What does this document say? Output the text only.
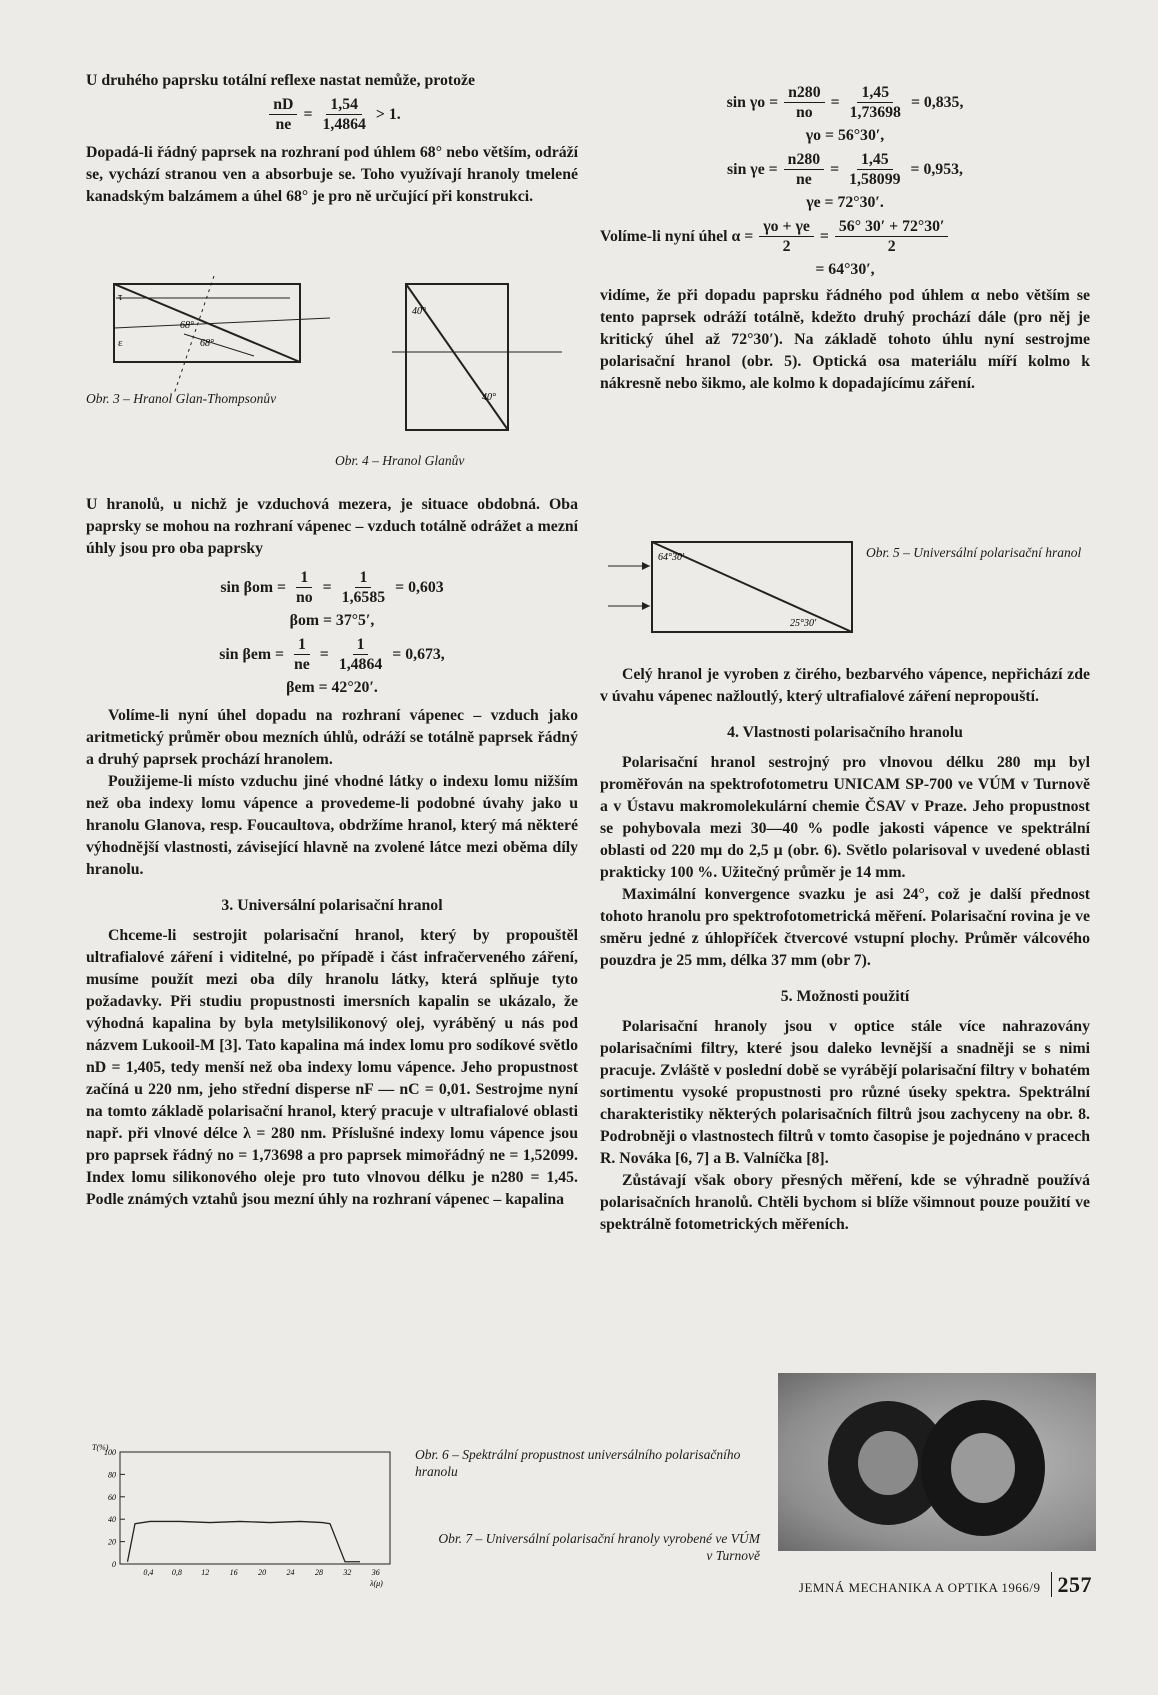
U druhého paprsku totální reflexe nastat nemůže, protože

$\frac{nD}{ne} = \frac{1,54}{1,4864} > 1$.

Dopadá-li řádný paprsek na rozhraní pod úhlem 68° nebo větším, odráží se, vychází stranou ven a absorbuje se. Toho využívají hranoly tmelené kanadským balzámem a úhel 68° je pro ně určující při konstrukci.

τ
ε
68°
68°
Obr. 3 – Hranol Glan-Thompsonův
40°
40°
Obr. 4 – Hranol Glanův

U hranolů, u nichž je vzduchová mezera, je situace obdobná. Oba paprsky se mohou na rozhraní vápenec – vzduch totálně odrážet a mezní úhly jsou pro oba paprsky

$\sin \beta om = \frac{1}{no} = \frac{1}{1,6585} = 0,603$
βom = 37°5′,
$\sin \beta em = \frac{1}{ne} = \frac{1}{1,4864} = 0,673$,
βem = 42°20′.

Volíme-li nyní úhel dopadu na rozhraní vápenec – vzduch jako aritmetický průměr obou mezních úhlů, odráží se totálně paprsek řádný a druhý paprsek prochází hranolem.

Použijeme-li místo vzduchu jiné vhodné látky o indexu lomu nižším než oba indexy lomu vápence a provedeme-li podobné úvahy jako u hranolu Glanova, resp. Foucaultova, obdržíme hranol, který má některé výhodnější vlastnosti, závisející hlavně na zvolené látce mezi oběma díly hranolu.

3. Universální polarisační hranol

Chceme-li sestrojit polarisační hranol, který by propouštěl ultrafialové záření i viditelné, po případě i část infračerveného záření, musíme použít mezi oba díly hranolu látky, která splňuje tyto požadavky. Při studiu propustnosti imersních kapalin se ukázalo, že výhodná kapalina by byla metylsilikonový olej, vyráběný u nás pod názvem Lukooil-M [3]. Tato kapalina má index lomu pro sodíkové světlo nD = 1,405, tedy menší než oba indexy lomu vápence. Jeho propustnost začíná u 220 nm, jeho střední disperse nF — nC = 0,01. Sestrojme nyní na tomto základě polarisační hranol, který pracuje v ultrafialové oblasti např. při vlnové délce λ = 280 nm. Příslušné indexy lomu vápence jsou pro paprsek řádný no = 1,73698 a pro paprsek mimořádný ne = 1,52099. Index lomu silikonového oleje pro tuto vlnovou délku je n280 = 1,45. Podle známých vztahů jsou mezní úhly na rozhraní vápenec – kapalina

100
80
60
40
20
0
0,4 0,8 12	16	20	24	28	32	36
T(%)
λ(μ)
Obr. 6 – Spektrální propustnost universálního polarisačního hranolu
Obr. 7 – Universální polarisační hranoly vyrobené ve VÚM v Turnově
$\sin \gamma o = \frac{n280}{no} = \frac{1,45}{1,73698} = 0,835$,
γo = 56°30′,
$\sin \gamma e = \frac{n280}{ne} = \frac{1,45}{1,58099} = 0,953$,
γe = 72°30′.
Volíme-li nyní úhel $\alpha = \frac{\gamma o + \gamma e}{2} = \frac{56^\circ 30' + 72^\circ 30'}{2}$
= 64°30′,

vidíme, že při dopadu paprsku řádného pod úhlem α nebo větším se tento paprsek odráží totálně, kdežto druhý prochází dále (pro něj je kritický úhel až 72°30′). Na základě tohoto úhlu nyní sestrojme polarisační hranol (obr. 5). Optická osa materiálu míří kolmo k nákresně nebo šikmo, ale kolmo k dopadajícímu záření.

64°30′
25°30′
Obr. 5 – Universální polarisační hranol

Celý hranol je vyroben z čirého, bezbarvého vápence, nepřichází zde v úvahu vápenec nažloutlý, který ultrafialové záření nepropouští.

4. Vlastnosti polarisačního hranolu

Polarisační hranol sestrojný pro vlnovou délku 280 mμ byl proměřován na spektrofotometru UNICAM SP-700 ve VÚM v Turnově a v Ústavu makromolekulární chemie ČSAV v Praze. Jeho propustnost se pohybovala mezi 30—40 % podle jakosti vápence ve spektrální oblasti od 220 mμ do 2,5 μ (obr. 6). Světlo polarisoval v uvedené oblasti prakticky 100 %. Užitečný průměr je 14 mm.

Maximální konvergence svazku je asi 24°, což je další přednost tohoto hranolu pro spektrofotometrická měření. Polarisační rovina je ve směru jedné z úhlopříček čtvercové vstupní plochy. Průměr válcového pouzdra je 25 mm, délka 37 mm (obr 7).

5. Možnosti použití

Polarisační hranoly jsou v optice stále více nahrazovány polarisačními filtry, které jsou daleko levnější a snadněji se s nimi pracuje. Zvláště v poslední době se vyrábějí polarisační filtry v bohatém sortimentu vysoké propustnosti pro různé úseky spektra. Spektrální charakteristiky některých polarisačních filtrů jsou zachyceny na obr. 8. Podrobněji o vlastnostech filtrů v tomto časopise je pojednáno v pracech R. Nováka [6, 7] a B. Valníčka [8].

Zůstávají však obory přesných měření, kde se výhradně používá polarisačních hranolů. Chtěli bychom si blíže všimnout pouze použití ve spektrálně fotometrických měřeních.

JEMNÁ MECHANIKA A OPTIKA 1966/9 257
